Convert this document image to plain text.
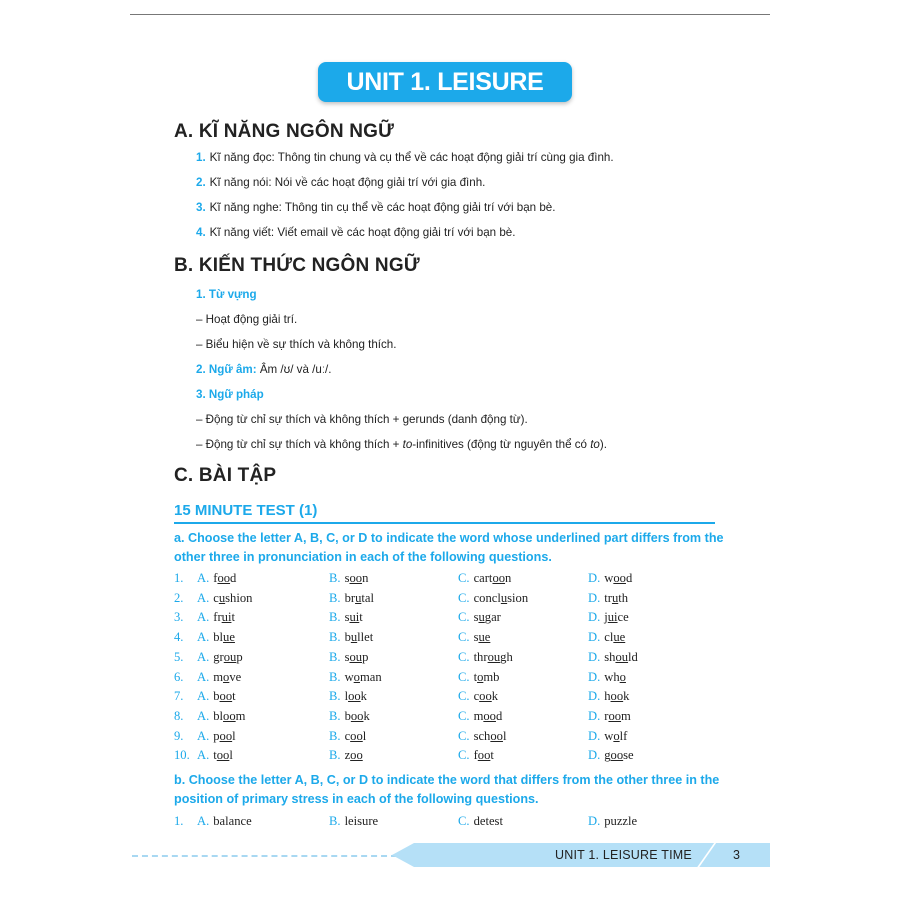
UNIT 1. LEISURE TIME
A. KĨ NĂNG NGÔN NGỮ

1. Kĩ năng đọc: Thông tin chung và cụ thể về các hoạt động giải trí cùng gia đình.

2. Kĩ năng nói: Nói về các hoạt động giải trí với gia đình.

3. Kĩ năng nghe: Thông tin cụ thể về các hoạt động giải trí với bạn bè.

4. Kĩ năng viết: Viết email về các hoạt động giải trí với bạn bè.

B. KIẾN THỨC NGÔN NGỮ
1. Từ vựng
– Hoạt động giải trí.
– Biểu hiện về sự thích và không thích.
2. Ngữ âm: Âm /ʊ/ và /uː/.
3. Ngữ pháp
– Động từ chỉ sự thích và không thích + gerunds (danh động từ).
– Động từ chỉ sự thích và không thích + to-infinitives (động từ nguyên thể có to).
C. BÀI TẬP
15 MINUTE TEST (1)

a. Choose the letter A, B, C, or D to indicate the word whose underlined part differs from the other three in pronunciation in each of the following questions.

1. A. food	B. soon	C. cartoon	D. wood
2. A. cushion	B. brutal	C. conclusion	D. truth
3. A. fruit	B. suit	C. sugar	D. juice
4. A. blue	B. bullet	C. sue	D. clue
5. A. group	B. soup	C. through	D. should
6. A. move	B. woman	C. tomb	D. who
7. A. boot	B. look	C. cook	D. hook
8. A. bloom	B. book	C. mood	D. room
9. A. pool	B. cool	C. school	D. wolf
10. A. tool	B. zoo	C. foot	D. goose

b. Choose the letter A, B, C, or D to indicate the word that differs from the other three in the position of primary stress in each of the following questions.

1. A. balance	B. leisure	C. detest	D. puzzle
UNIT 1. LEISURE TIME	3
